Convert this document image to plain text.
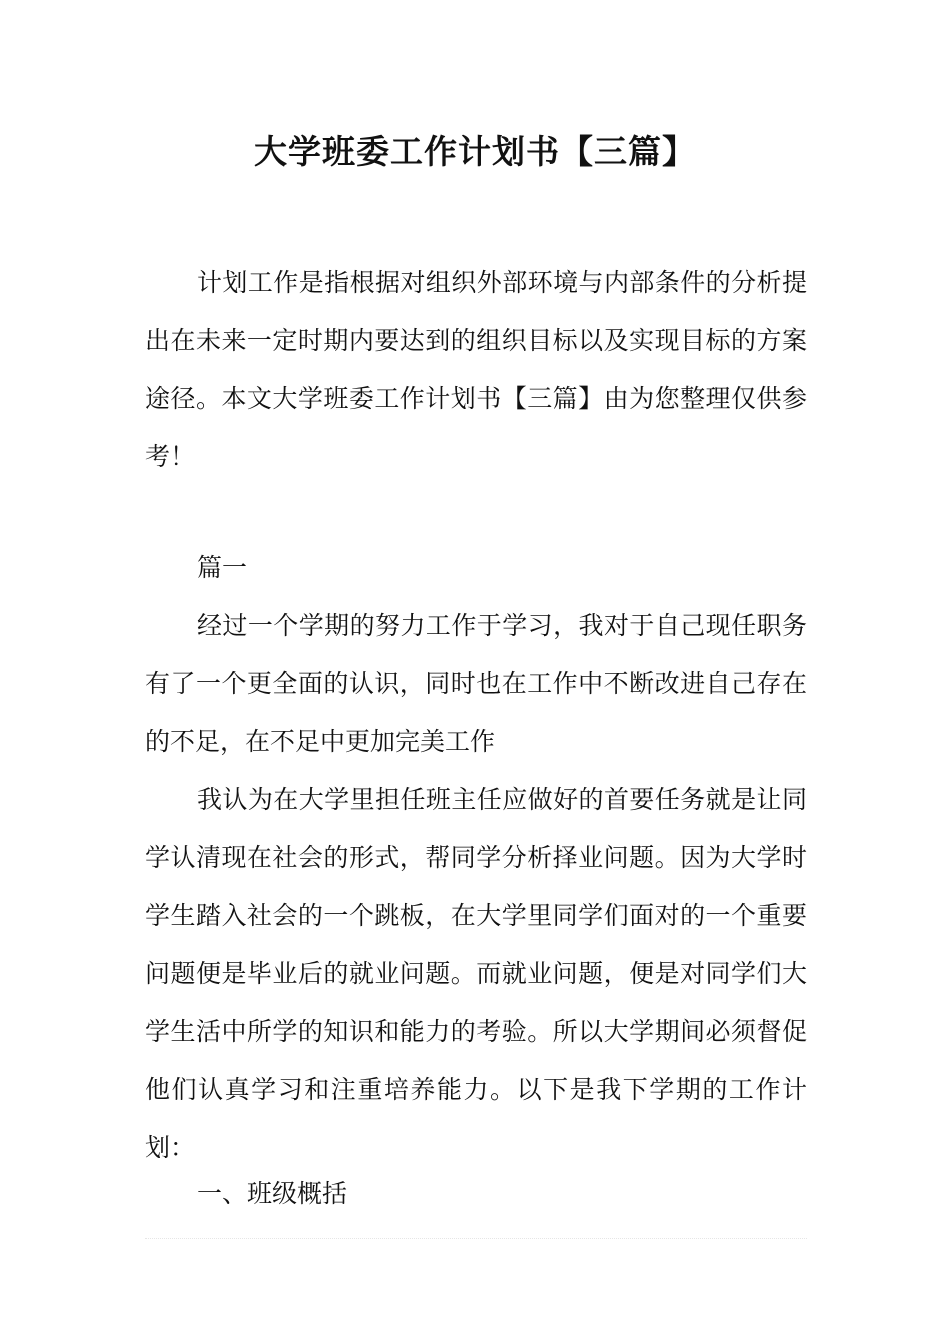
大学班委工作计划书【三篇】

计划工作是指根据对组织外部环境与内部条件的分析提出在未来一定时期内要达到的组织目标以及实现目标的方案途径。本文大学班委工作计划书【三篇】由为您整理仅供参考！

篇一

经过一个学期的努力工作于学习，我对于自己现任职务有了一个更全面的认识，同时也在工作中不断改进自己存在的不足，在不足中更加完美工作

我认为在大学里担任班主任应做好的首要任务就是让同学认清现在社会的形式，帮同学分析择业问题。因为大学时学生踏入社会的一个跳板，在大学里同学们面对的一个重要问题便是毕业后的就业问题。而就业问题，便是对同学们大学生活中所学的知识和能力的考验。所以大学期间必须督促他们认真学习和注重培养能力。以下是我下学期的工作计划：

一、班级概括
